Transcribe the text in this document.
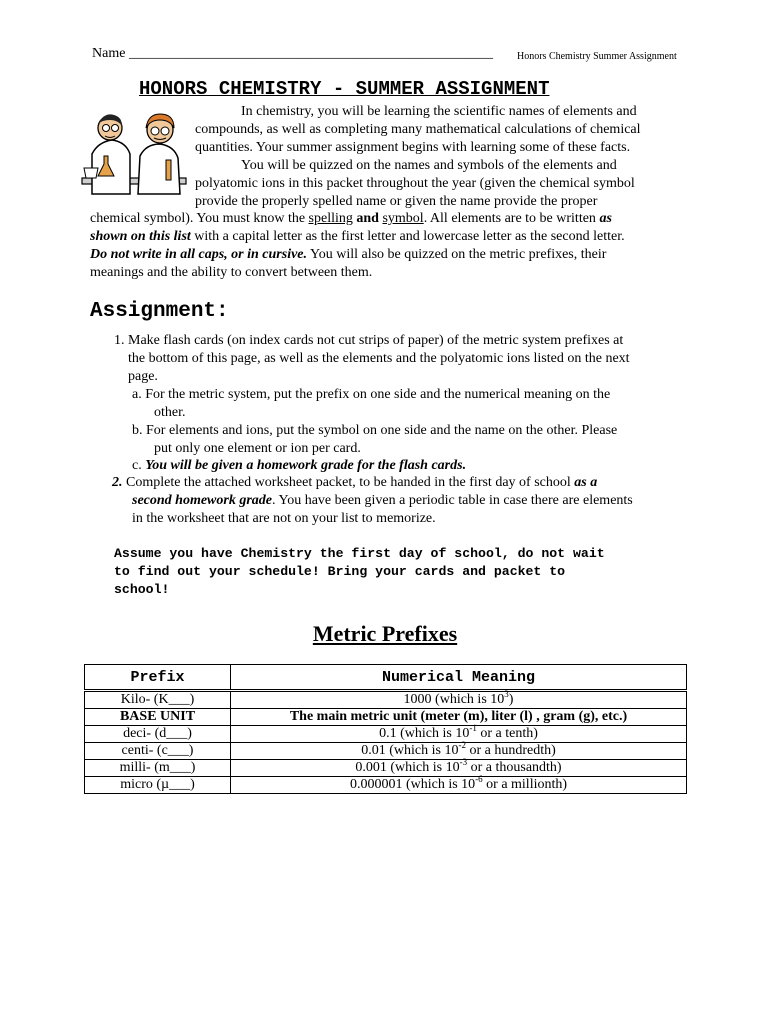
Name ____________________________________________________ Honors Chemistry Summer Assignment
HONORS CHEMISTRY - SUMMER ASSIGNMENT
In chemistry, you will be learning the scientific names of elements and
compounds, as well as completing many mathematical calculations of chemical
quantities. Your summer assignment begins with learning some of these facts.
You will be quizzed on the names and symbols of the elements and
polyatomic ions in this packet throughout the year (given the chemical symbol
provide the properly spelled name or given the name provide the proper
chemical symbol). You must know the spelling and symbol. All elements are to be written as
shown on this list with a capital letter as the first letter and lowercase letter as the second letter.
Do not write in all caps, or in cursive. You will also be quizzed on the metric prefixes, their
meanings and the ability to convert between them.
Assignment:
1. Make flash cards (on index cards not cut strips of paper) of the metric system prefixes at
the bottom of this page, as well as the elements and the polyatomic ions listed on the next
page.
a. For the metric system, put the prefix on one side and the numerical meaning on the
other.
b. For elements and ions, put the symbol on one side and the name on the other. Please
put only one element or ion per card.
c. You will be given a homework grade for the flash cards.
2. Complete the attached worksheet packet, to be handed in the first day of school as a
second homework grade. You have been given a periodic table in case there are elements
in the worksheet that are not on your list to memorize.
Assume you have Chemistry the first day of school, do not wait
to find out your schedule! Bring your cards and packet to
school!
Metric Prefixes
Prefix	Numerical Meaning
Kilo- (K___)	1000 (which is $10^3$)
BASE UNIT	The main metric unit (meter (m), liter (l) , gram (g), etc.)
deci- (d___)	0.1 (which is $10^{-1}$ or a tenth)
centi- (c___)	0.01 (which is $10^{-2}$ or a hundredth)
milli- (m___)	0.001 (which is $10^{-3}$ or a thousandth)
micro (µ___)	0.000001 (which is $10^{-6}$ or a millionth)
